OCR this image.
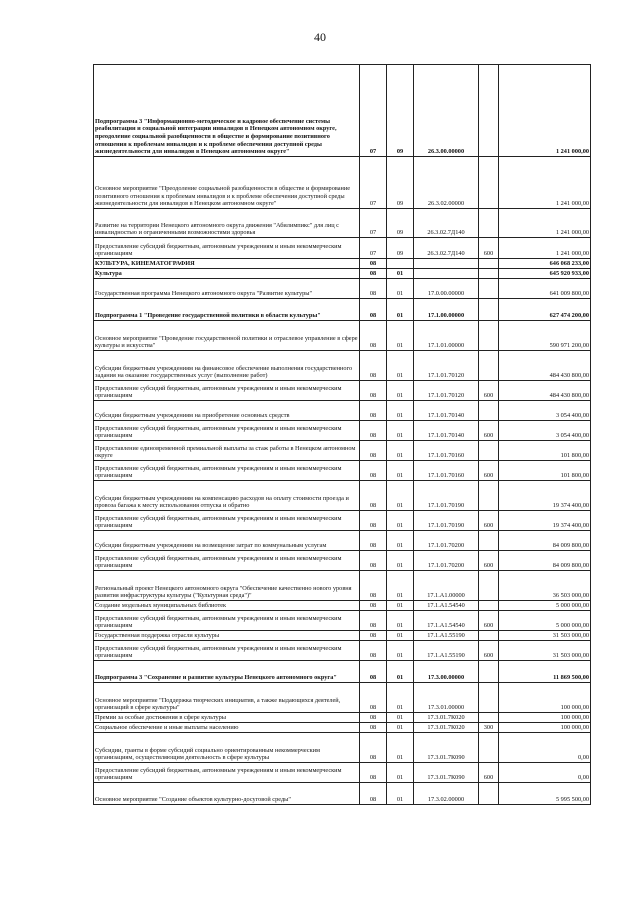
40
Подпрограмма 3 "Информационно-методическое и кадровое обеспечение системы реабилитации и социальной интеграции инвалидов в Ненецком автономном округе, преодоление социальной разобщенности в обществе и формирование позитивного отношения к проблемам инвалидов и к проблеме обеспечения доступной среды жизнедеятельности для инвалидов в Ненецком автономном округе"	07	09	26.3.00.00000		1 241 000,00
Основное мероприятие "Преодоление социальной разобщенности в обществе и формирование позитивного отношения к проблемам инвалидов и к проблеме обеспечения доступной среды жизнедеятельности для инвалидов в Ненецком автономном округе"	07	09	26.3.02.00000		1 241 000,00
Развитие на территории Ненецкого автономного округа движения "Абилимпикс" для лиц с инвалидностью и ограниченными возможностями здоровья	07	09	26.3.02.7Д140		1 241 000,00
Предоставление субсидий бюджетным, автономным учреждениям и иным некоммерческим организациям	07	09	26.3.02.7Д140	600	1 241 000,00
КУЛЬТУРА, КИНЕМАТОГРАФИЯ	08				646 068 233,00
Культура	08	01			645 920 933,00
Государственная программа Ненецкого автономного округа "Развитие культуры"	08	01	17.0.00.00000		641 009 800,00
Подпрограмма 1 "Проведение государственной политики в области культуры"	08	01	17.1.00.00000		627 474 200,00
Основное мероприятие "Проведение государственной политики и отраслевое управление в сфере культуры и искусства"	08	01	17.1.01.00000		590 971 200,00
Субсидии бюджетным учреждениям на финансовое обеспечение выполнения государственного задания на оказание государственных услуг (выполнение работ)	08	01	17.1.01.70120		484 430 800,00
Предоставление субсидий бюджетным, автономным учреждениям и иным некоммерческим организациям	08	01	17.1.01.70120	600	484 430 800,00
Субсидии бюджетным учреждениям на приобретение основных средств	08	01	17.1.01.70140		3 054 400,00
Предоставление субсидий бюджетным, автономным учреждениям и иным некоммерческим организациям	08	01	17.1.01.70140	600	3 054 400,00
Предоставление единовременной премиальной выплаты за стаж работы в Ненецком автономном округе	08	01	17.1.01.70160		101 800,00
Предоставление субсидий бюджетным, автономным учреждениям и иным некоммерческим организациям	08	01	17.1.01.70160	600	101 800,00
Субсидии бюджетным учреждениям на компенсацию расходов на оплату стоимости проезда и провоза багажа к месту использования отпуска и обратно	08	01	17.1.01.70190		19 374 400,00
Предоставление субсидий бюджетным, автономным учреждениям и иным некоммерческим организациям	08	01	17.1.01.70190	600	19 374 400,00
Субсидии бюджетным учреждениям на возмещение затрат по коммунальным услугам	08	01	17.1.01.70200		84 009 800,00
Предоставление субсидий бюджетным, автономным учреждениям и иным некоммерческим организациям	08	01	17.1.01.70200	600	84 009 800,00
Региональный проект Ненецкого автономного округа "Обеспечение качественно нового уровня развития инфраструктуры культуры ("Культурная среда")"	08	01	17.1.А1.00000		36 503 000,00
Создание модельных муниципальных библиотек	08	01	17.1.А1.54540		5 000 000,00
Предоставление субсидий бюджетным, автономным учреждениям и иным некоммерческим организациям	08	01	17.1.А1.54540	600	5 000 000,00
Государственная поддержка отрасли культуры	08	01	17.1.А1.55190		31 503 000,00
Предоставление субсидий бюджетным, автономным учреждениям и иным некоммерческим организациям	08	01	17.1.А1.55190	600	31 503 000,00
Подпрограмма 3 "Сохранение и развитие культуры Ненецкого автономного округа"	08	01	17.3.00.00000		11 869 500,00
Основное мероприятие "Поддержка творческих инициатив, а также выдающихся деятелей, организаций в сфере культуры"	08	01	17.3.01.00000		100 000,00
Премии за особые достижения в сфере культуры	08	01	17.3.01.7К020		100 000,00
Социальное обеспечение и иные выплаты населению	08	01	17.3.01.7К020	300	100 000,00
Субсидии, гранты в форме субсидий социально ориентированным некоммерческим организациям, осуществляющим деятельность в сфере культуры	08	01	17.3.01.7К090		0,00
Предоставление субсидий бюджетным, автономным учреждениям и иным некоммерческим организациям	08	01	17.3.01.7К090	600	0,00
Основное мероприятие "Создание объектов культурно-досуговой среды"	08	01	17.3.02.00000		5 995 500,00
